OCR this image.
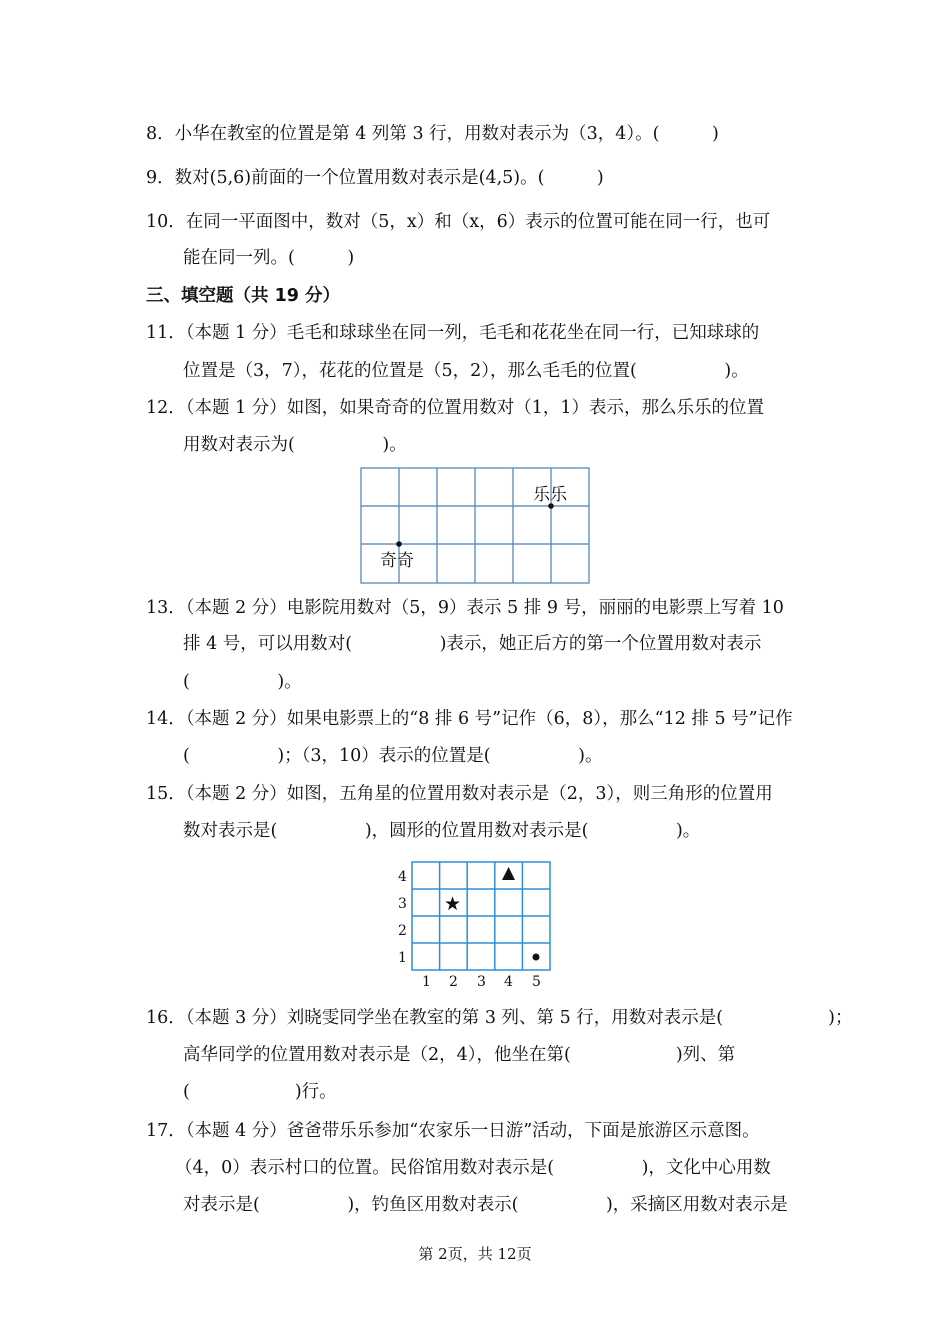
8．小华在教室的位置是第 4 列第 3 行，用数对表示为（3，4）。(　　　)
9．数对(5,6)前面的一个位置用数对表示是(4,5)。(　　　)
10．在同一平面图中，数对（5，x）和（x，6）表示的位置可能在同一行，也可
能在同一列。(　　　)
三、填空题（共 19 分）
11．（本题 1 分）毛毛和球球坐在同一列，毛毛和花花坐在同一行，已知球球的
位置是（3，7），花花的位置是（5，2），那么毛毛的位置(　　　　　)。
12．（本题 1 分）如图，如果奇奇的位置用数对（1，1）表示，那么乐乐的位置
用数对表示为(　　　　　)。
乐乐
奇奇
13．（本题 2 分）电影院用数对（5，9）表示 5 排 9 号，丽丽的电影票上写着 10
排 4 号，可以用数对(　　　　　)表示，她正后方的第一个位置用数对表示
(　　　　　)。
14．（本题 2 分）如果电影票上的“8 排 6 号”记作（6，8），那么“12 排 5 号”记作
(　　　　　)；（3，10）表示的位置是(　　　　　)。
15．（本题 2 分）如图，五角星的位置用数对表示是（2，3），则三角形的位置用
数对表示是(　　　　　)，圆形的位置用数对表示是(　　　　　)。
4
3
2
1
1 2 3 4 5
★
16．（本题 3 分）刘晓雯同学坐在教室的第 3 列、第 5 行，用数对表示是(　　　　　　)；
高华同学的位置用数对表示是（2，4），他坐在第(　　　　　　)列、第
(　　　　　　)行。
17．（本题 4 分）爸爸带乐乐参加“农家乐一日游”活动，下面是旅游区示意图。
（4，0）表示村口的位置。民俗馆用数对表示是(　　　　　)，文化中心用数
对表示是(　　　　　)，钓鱼区用数对表示(　　　　　)，采摘区用数对表示是
第 2页，共 12页
